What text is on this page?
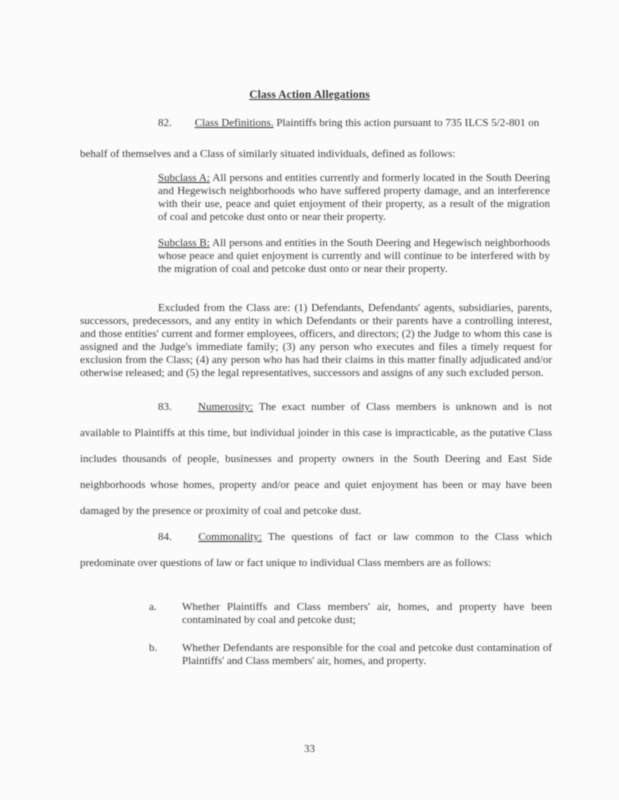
Class Action Allegations
82. Class Definitions. Plaintiffs bring this action pursuant to 735 ILCS 5/2-801 on
behalf of themselves and a Class of similarly situated individuals, defined as follows:
Subclass A: All persons and entities currently and formerly located in the South Deering and Hegewisch neighborhoods who have suffered property damage, and an interference with their use, peace and quiet enjoyment of their property, as a result of the migration of coal and petcoke dust onto or near their property.
Subclass B: All persons and entities in the South Deering and Hegewisch neighborhoods whose peace and quiet enjoyment is currently and will continue to be interfered with by the migration of coal and petcoke dust onto or near their property.
Excluded from the Class are: (1) Defendants, Defendants' agents, subsidiaries, parents, successors, predecessors, and any entity in which Defendants or their parents have a controlling interest, and those entities' current and former employees, officers, and directors; (2) the Judge to whom this case is assigned and the Judge's immediate family; (3) any person who executes and files a timely request for exclusion from the Class; (4) any person who has had their claims in this matter finally adjudicated and/or otherwise released; and (5) the legal representatives, successors and assigns of any such excluded person.
83. Numerosity: The exact number of Class members is unknown and is not available to Plaintiffs at this time, but individual joinder in this case is impracticable, as the putative Class includes thousands of people, businesses and property owners in the South Deering and East Side neighborhoods whose homes, property and/or peace and quiet enjoyment has been or may have been damaged by the presence or proximity of coal and petcoke dust.
84. Commonality: The questions of fact or law common to the Class which predominate over questions of law or fact unique to individual Class members are as follows:
a. Whether Plaintiffs and Class members' air, homes, and property have been contaminated by coal and petcoke dust;
b. Whether Defendants are responsible for the coal and petcoke dust contamination of Plaintiffs' and Class members' air, homes, and property.
33
